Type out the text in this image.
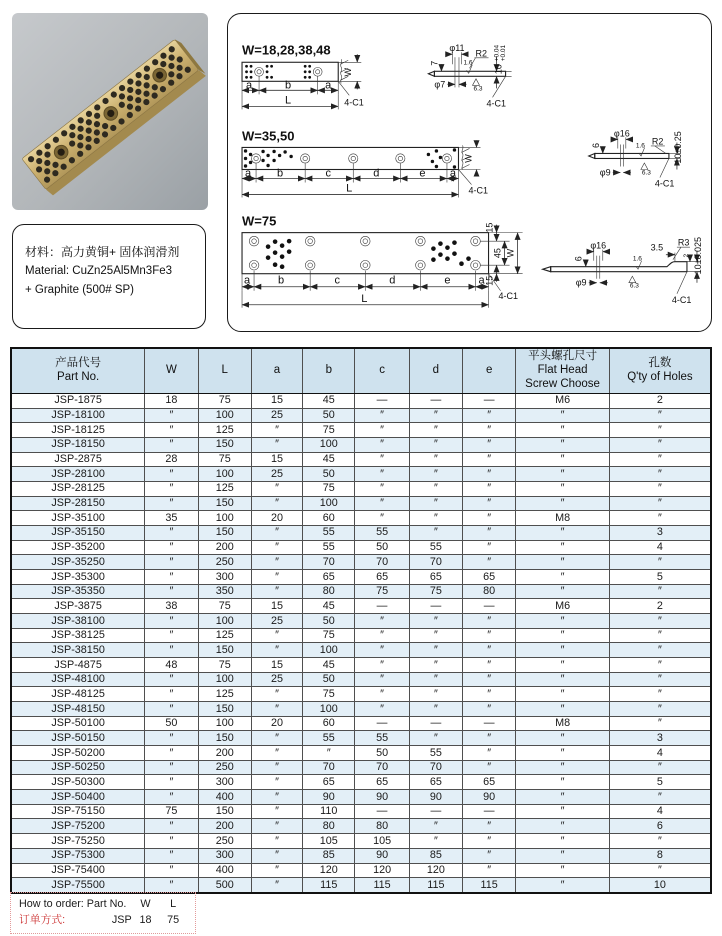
材料：高力黄铜+ 固体润滑剂
Material: CuZn25Al5Mn3Fe3
+ Graphite (500# SP)
W=18,28,38,48
W
a	b	a
L	4-C1
φ11
7
R2
1.6
10
+0.04 +0.01
φ7	6.3
4-C1
W=35,50
W
4-C1
a b	c	d	e a
L
φ16
6	R2
1.6	10±0.25
φ9	6.3
4-C1
W=75	15
45 W
15
4-C1
a	b	c	d	e	a
L
φ16
6
3.5
R3
1.6	10±0.025
2
φ9	6.3
4-C1
产品代号
Part No.

W	L	a	b	c	d	e

平头螺孔尺寸
Flat Head
Screw Choose

孔数
Q'ty of Holes

JSP-1875	18	75	15	45	—	—	—	M6	2
JSP-18100	″	100	25	50	″	″	″	″	″
JSP-18125	″	125	″	75	″	″	″	″	″
JSP-18150	″	150	″	100	″	″	″	″	″
JSP-2875	28	75	15	45	″	″	″	″	″
JSP-28100	″	100	25	50	″	″	″	″	″
JSP-28125	″	125	″	75	″	″	″	″	″
JSP-28150	″	150	″	100	″	″	″	″	″
JSP-35100	35	100	20	60	″	″	″	M8	″
JSP-35150	″	150	″	55	55	″	″	″	3
JSP-35200	″	200	″	55	50	55	″	″	4
JSP-35250	″	250	″	70	70	70	″	″	″
JSP-35300	″	300	″	65	65	65	65	″	5
JSP-35350	″	350	″	80	75	75	80	″	″
JSP-3875	38	75	15	45	—	—	—	M6	2
JSP-38100	″	100	25	50	″	″	″	″	″
JSP-38125	″	125	″	75	″	″	″	″	″
JSP-38150	″	150	″	100	″	″	″	″	″
JSP-4875	48	75	15	45	″	″	″	″	″
JSP-48100	″	100	25	50	″	″	″	″	″
JSP-48125	″	125	″	75	″	″	″	″	″
JSP-48150	″	150	″	100	″	″	″	″	″
JSP-50100	50	100	20	60	—	—	—	M8	″
JSP-50150	″	150	″	55	55	″	″	″	3
JSP-50200	″	200	″	″	50	55	″	″	4
JSP-50250	″	250	″	70	70	70	″	″	″
JSP-50300	″	300	″	65	65	65	65	″	5
JSP-50400	″	400	″	90	90	90	90	″	″
JSP-75150	75	150	″	110	—	—	—	″	4
JSP-75200	″	200	″	80	80	″	″	″	6
JSP-75250	″	250	″	105	105	″	″	″	″
JSP-75300	″	300	″	85	90	85	″	″	8
JSP-75400	″	400	″	120	120	120	″	″	″
JSP-75500	″	500	″	115	115	115	115	″	10
How to order: Part No.	W	L
订单方式:	JSP 18	75
